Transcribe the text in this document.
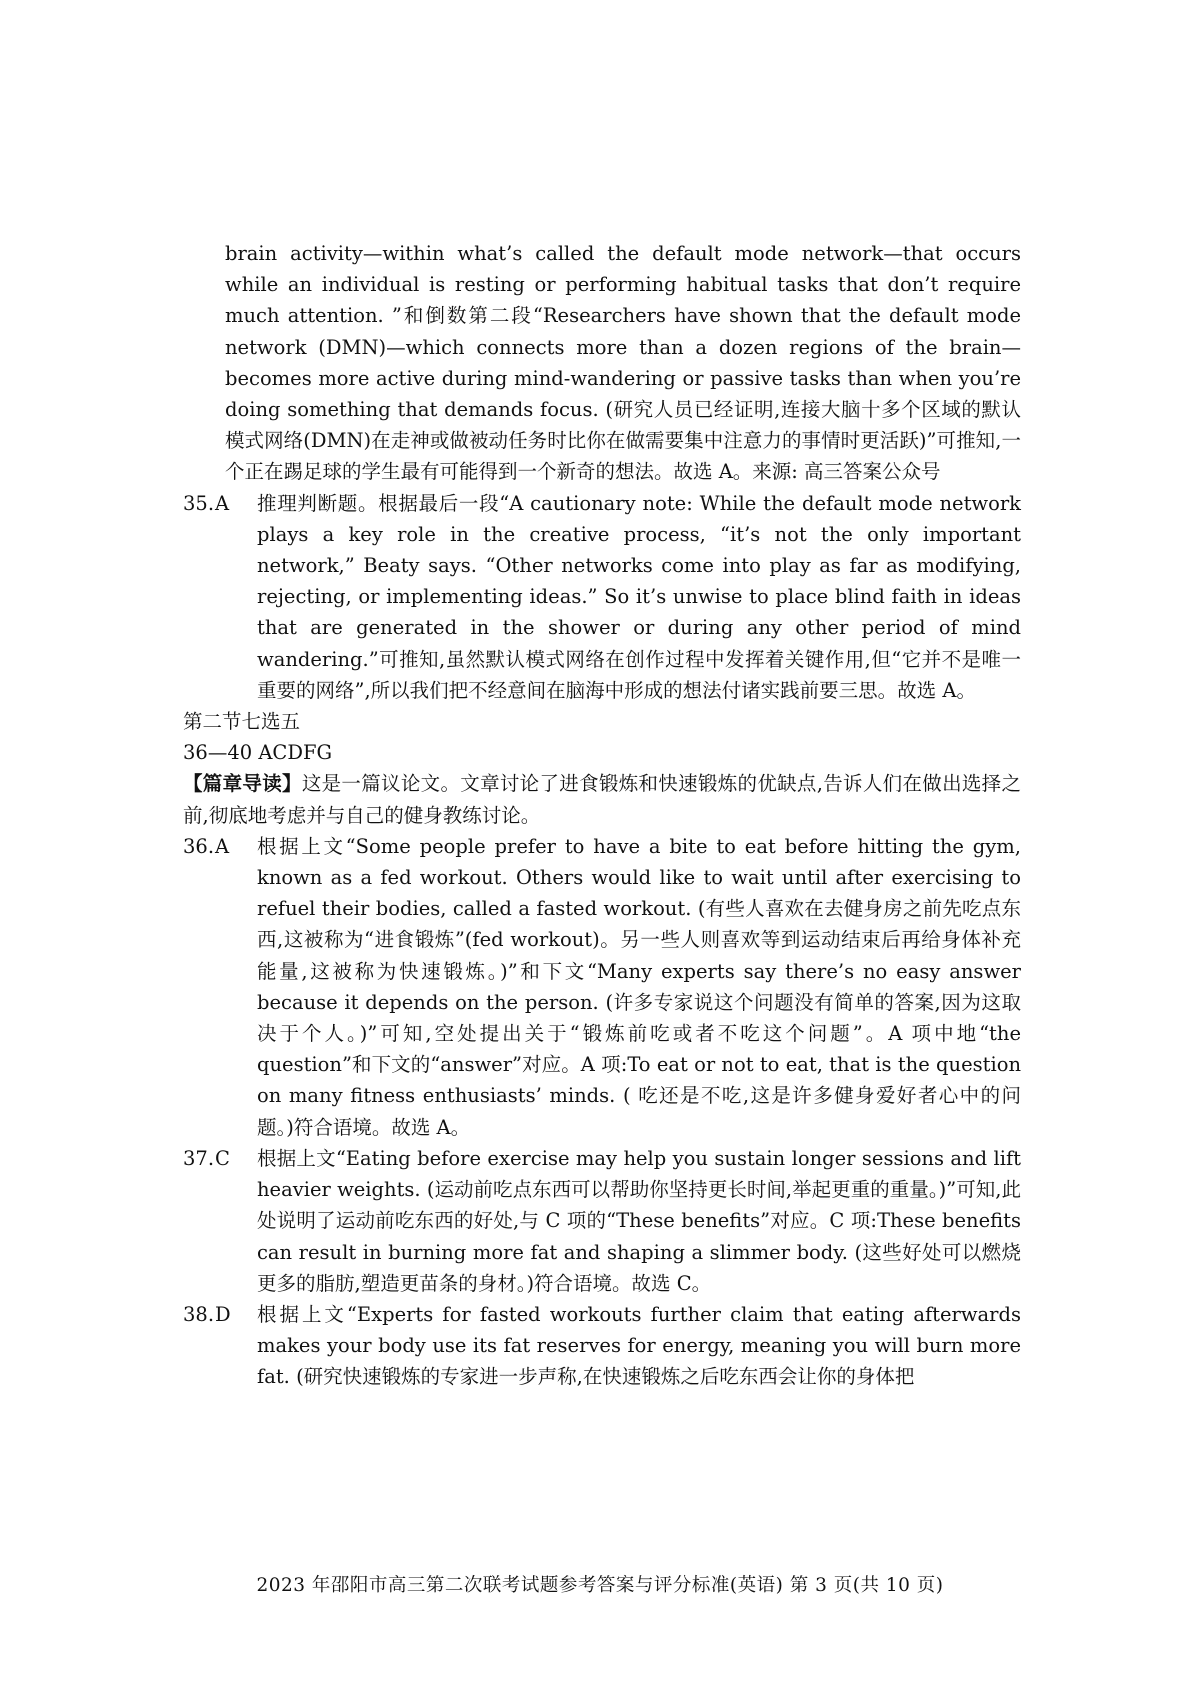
brain activity—within what’s called the default mode network—that occurs while an individual is resting or performing habitual tasks that don’t require much attention. ”和倒数第二段“Researchers have shown that the default mode network (DMN)—which connects more than a dozen regions of the brain—becomes more active during mind-wandering or passive tasks than when you’re doing something that demands focus. (研究人员已经证明,连接大脑十多个区域的默认模式网络(DMN)在走神或做被动任务时比你在做需要集中注意力的事情时更活跃)”可推知,一个正在踢足球的学生最有可能得到一个新奇的想法。故选 A。来源: 高三答案公众号

35. A	推理判断题。根据最后一段“A cautionary note: While the default mode network plays a key role in the creative process, “it’s not the only important network,” Beaty says. “Other networks come into play as far as modifying, rejecting, or implementing ideas.” So it’s unwise to place blind faith in ideas that are generated in the shower or during any other period of mind wandering.”可推知,虽然默认模式网络在创作过程中发挥着关键作用,但“它并不是唯一重要的网络”,所以我们把不经意间在脑海中形成的想法付诸实践前要三思。故选 A。

第二节七选五

36—40 ACDFG

【篇章导读】这是一篇议论文。文章讨论了进食锻炼和快速锻炼的优缺点,告诉人们在做出选择之前,彻底地考虑并与自己的健身教练讨论。

36. A	根据上文“Some people prefer to have a bite to eat before hitting the gym, known as a fed workout. Others would like to wait until after exercising to refuel their bodies, called a fasted workout. (有些人喜欢在去健身房之前先吃点东西,这被称为“进食锻炼”(fed workout)。另一些人则喜欢等到运动结束后再给身体补充能量,这被称为快速锻炼。)”和下文“Many experts say there’s no easy answer because it depends on the person. (许多专家说这个问题没有简单的答案,因为这取决于个人。)”可知,空处提出关于“锻炼前吃或者不吃这个问题”。A 项中地“the question”和下文的“answer”对应。A 项:To eat or not to eat, that is the question on many fitness enthusiasts’ minds. ( 吃还是不吃,这是许多健身爱好者心中的问题。)符合语境。故选 A。
37. C	根据上文“Eating before exercise may help you sustain longer sessions and lift heavier weights. (运动前吃点东西可以帮助你坚持更长时间,举起更重的重量。)”可知,此处说明了运动前吃东西的好处,与 C 项的“These benefits”对应。C 项:These benefits can result in burning more fat and shaping a slimmer body. (这些好处可以燃烧更多的脂肪,塑造更苗条的身材。)符合语境。故选 C。
38. D	根据上文“Experts for fasted workouts further claim that eating afterwards makes your body use its fat reserves for energy, meaning you will burn more fat. (研究快速锻炼的专家进一步声称,在快速锻炼之后吃东西会让你的身体把
2023 年邵阳市高三第二次联考试题参考答案与评分标准(英语) 第 3 页(共 10 页)
